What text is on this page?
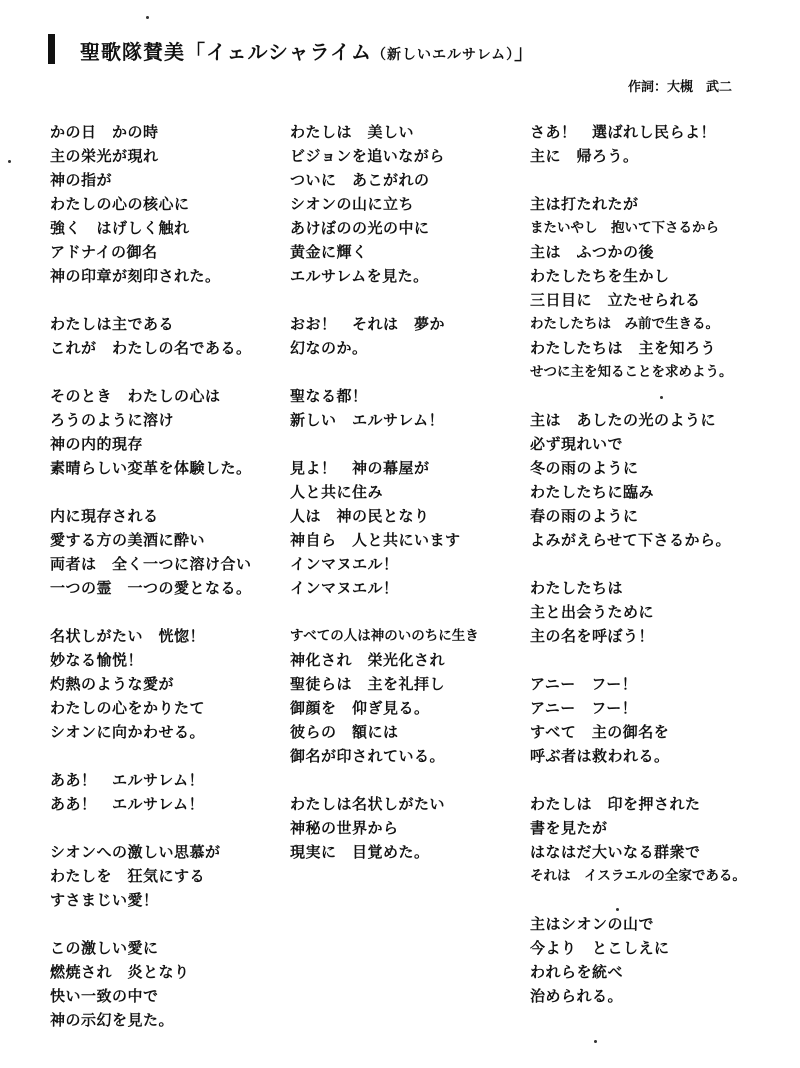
聖歌隊賛美「イェルシャライム（新しいエルサレム）」
作詞：大槻　武二
かの日　かの時
主の栄光が現れ
神の指が
わたしの心の核心に
強く　はげしく触れ
アドナイの御名
神の印章が刻印された。
わたしは主である
これが　わたしの名である。
そのとき　わたしの心は
ろうのように溶け
神の内的現存
素晴らしい変革を体験した。
内に現存される
愛する方の美酒に酔い
両者は　全く一つに溶け合い
一つの霊　一つの愛となる。
名状しがたい　恍惚！
妙なる愉悦！
灼熱のような愛が
わたしの心をかりたて
シオンに向かわせる。
ああ！　エルサレム！
ああ！　エルサレム！
シオンへの激しい思慕が
わたしを　狂気にする
すさまじい愛！
この激しい愛に
燃焼され　炎となり
快い一致の中で
神の示幻を見た。
わたしは　美しい
ビジョンを追いながら
ついに　あこがれの
シオンの山に立ち
あけぼのの光の中に
黄金に輝く
エルサレムを見た。
おお！　それは　夢か
幻なのか。
聖なる都！
新しい　エルサレム！
見よ！　神の幕屋が
人と共に住み
人は　神の民となり
神自ら　人と共にいます
インマヌエル！
インマヌエル！
すべての人は神のいのちに生き
神化され　栄光化され
聖徒らは　主を礼拝し
御顔を　仰ぎ見る。
彼らの　額には
御名が印されている。
わたしは名状しがたい
神秘の世界から
現実に　目覚めた。
さあ！　選ばれし民らよ！
主に　帰ろう。
主は打たれたが
またいやし　抱いて下さるから
主は　ふつかの後
わたしたちを生かし
三日目に　立たせられる
わたしたちは　み前で生きる。
わたしたちは　主を知ろう
せつに主を知ることを求めよう。
主は　あしたの光のように
必ず現れいで
冬の雨のように
わたしたちに臨み
春の雨のように
よみがえらせて下さるから。
わたしたちは
主と出会うために
主の名を呼ぼう！
アニー　フー！
アニー　フー！
すべて　主の御名を
呼ぶ者は救われる。
わたしは　印を押された
書を見たが
はなはだ大いなる群衆で
それは　イスラエルの全家である。
主はシオンの山で
今より　とこしえに
われらを統べ
治められる。
